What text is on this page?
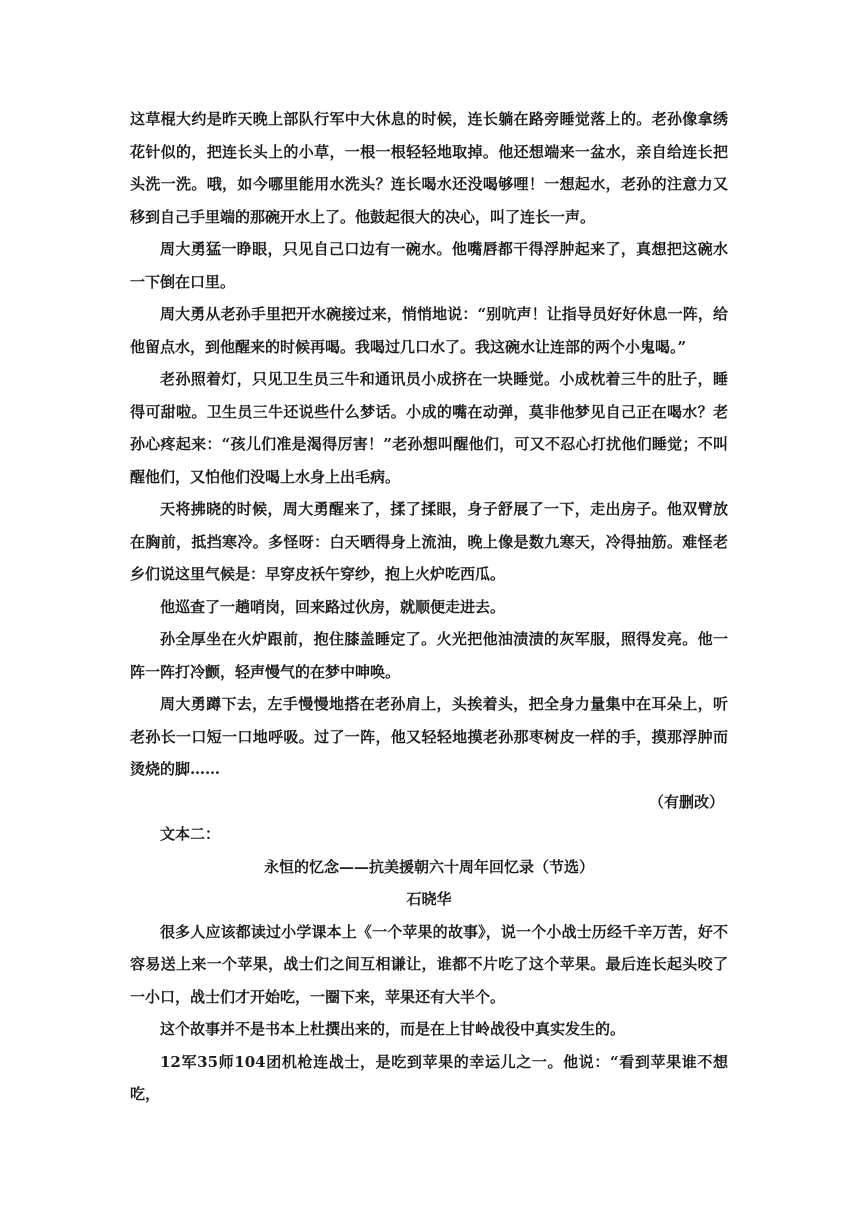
这草棍大约是昨天晚上部队行军中大休息的时候，连长躺在路旁睡觉落上的。老孙像拿绣花针似的，把连长头上的小草，一根一根轻轻地取掉。他还想端来一盆水，亲自给连长把头洗一洗。哦，如今哪里能用水洗头？连长喝水还没喝够哩！一想起水，老孙的注意力又移到自己手里端的那碗开水上了。他鼓起很大的决心，叫了连长一声。

周大勇猛一睁眼，只见自己口边有一碗水。他嘴唇都干得浮肿起来了，真想把这碗水一下倒在口里。

周大勇从老孙手里把开水碗接过来，悄悄地说：“别吭声！让指导员好好休息一阵，给他留点水，到他醒来的时候再喝。我喝过几口水了。我这碗水让连部的两个小鬼喝。”

老孙照着灯，只见卫生员三牛和通讯员小成挤在一块睡觉。小成枕着三牛的肚子，睡得可甜啦。卫生员三牛还说些什么梦话。小成的嘴在动弹，莫非他梦见自己正在喝水？老孙心疼起来：“孩儿们准是渴得厉害！”老孙想叫醒他们，可又不忍心打扰他们睡觉；不叫醒他们，又怕他们没喝上水身上出毛病。

天将拂晓的时候，周大勇醒来了，揉了揉眼，身子舒展了一下，走出房子。他双臂放在胸前，抵挡寒冷。多怪呀：白天晒得身上流油，晚上像是数九寒天，冷得抽筋。难怪老乡们说这里气候是：早穿皮袄午穿纱，抱上火炉吃西瓜。

他巡查了一趟哨岗，回来路过伙房，就顺便走进去。

孙全厚坐在火炉跟前，抱住膝盖睡定了。火光把他油渍渍的灰军服，照得发亮。他一阵一阵打冷颤，轻声慢气的在梦中呻唤。

周大勇蹲下去，左手慢慢地搭在老孙肩上，头挨着头，把全身力量集中在耳朵上，听老孙长一口短一口地呼吸。过了一阵，他又轻轻地摸老孙那枣树皮一样的手，摸那浮肿而烫烧的脚……

（有删改）

文本二：

永恒的忆念——抗美援朝六十周年回忆录（节选）

石晓华

很多人应该都读过小学课本上《一个苹果的故事》，说一个小战士历经千辛万苦，好不容易送上来一个苹果，战士们之间互相谦让，谁都不片吃了这个苹果。最后连长起头咬了一小口，战士们才开始吃，一圈下来，苹果还有大半个。

这个故事并不是书本上杜撰出来的，而是在上甘岭战役中真实发生的。

12军35师104团机枪连战士，是吃到苹果的幸运儿之一。他说：“看到苹果谁不想吃，
